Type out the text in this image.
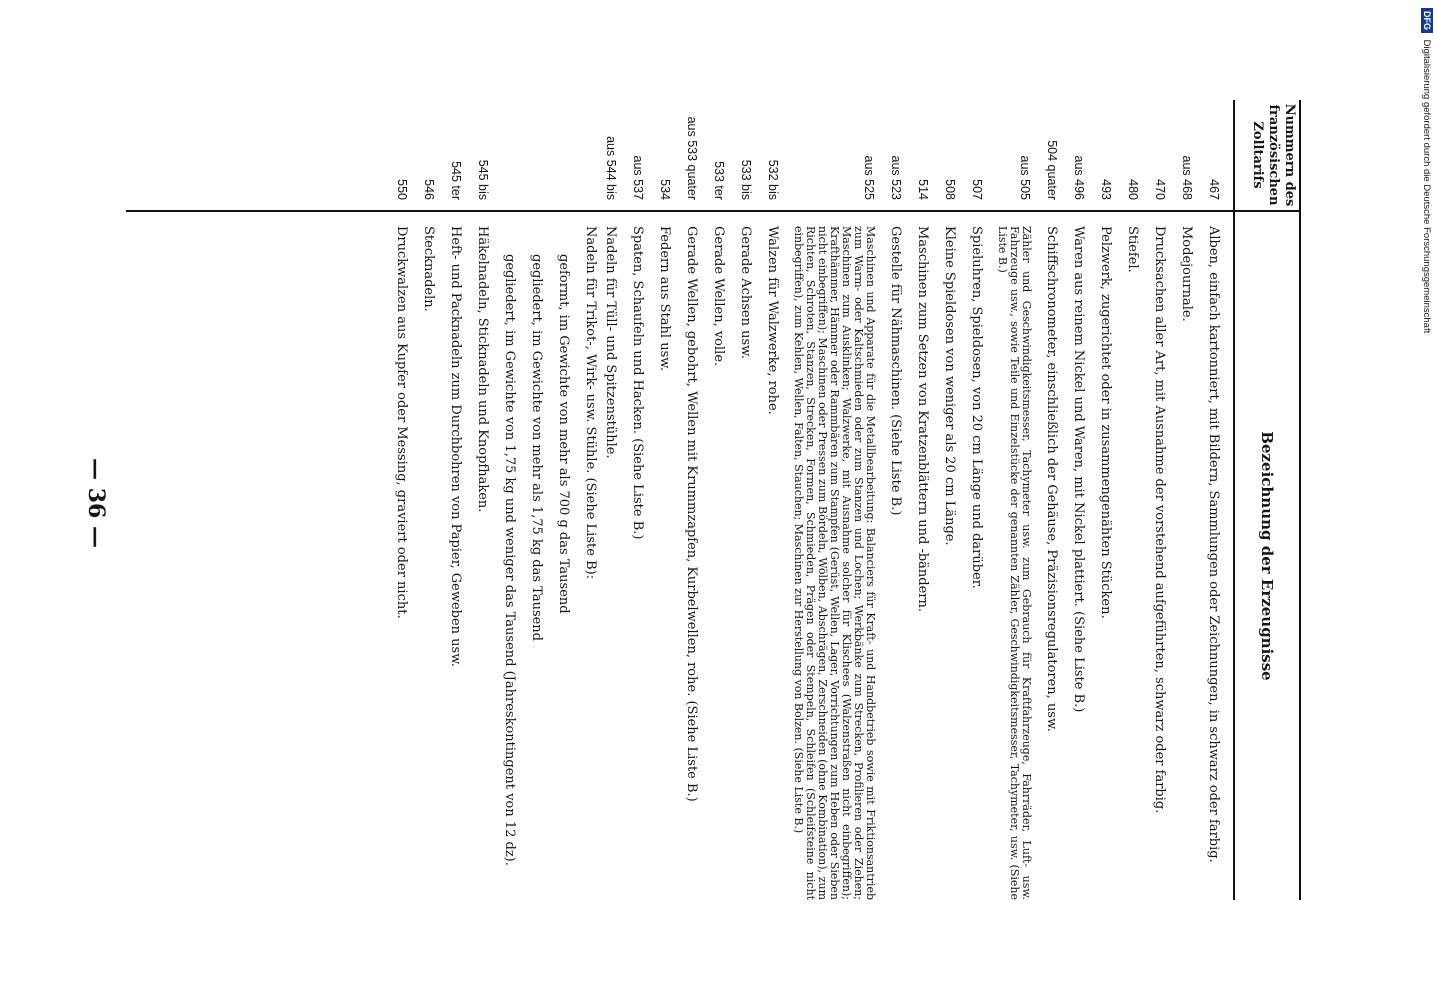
— 36 —
DFG Digitalisierung gefördert durch die Deutsche Forschungsgemeinschaft
Nummern des
französischen
Zolltarifs
Bezeichnung der Erzeugnisse
467
Alben, einfach kartonniert, mit Bildern, Sammlungen oder Zeichnungen, in schwarz oder farbig.
aus 468
Modejournale.
470
Drucksachen aller Art, mit Ausnahme der vorstehend aufgeführten, schwarz oder farbig.
480
Stiefel.
493
Pelzwerk, zugerichtet oder in zusammengenähten Stücken.
aus 496
Waren aus reinem Nickel und Waren, mit Nickel plattiert. (Siehe Liste B.)
504 quater
Schiffschronometer, einschließlich der Gehäuse, Präzisionsregulatoren, usw.
aus 505
Zähler und Geschwindigkeitsmesser, Tachymeter usw. zum Gebrauch für Kraftfahrzeuge, Fahrräder, Luft- usw. Fahrzeuge usw., sowie Teile und Einzelstücke der genannten Zähler, Geschwindigkeitsmesser, Tachymeter, usw. (Siehe Liste B.)
507
Spieluhren, Spieldosen, von 20 cm Länge und darüber.
508
Kleine Spieldosen von weniger als 20 cm Länge.
514
Maschinen zum Setzen von Kratzenblättern und -bändern.
aus 523
Gestelle für Nähmaschinen. (Siehe Liste B.)
aus 525
Maschinen und Apparate für die Metallbearbeitung: Balanciers für Kraft- und Handbetrieb sowie mit Friktionsantrieb zum Warm- oder Kaltschmieden oder zum Stanzen und Lochen; Werkbänke zum Strecken, Profilieren oder Ziehen; Maschinen zum Ausklinken; Walzwerke, mit Ausnahme solcher für Klischees (Walzenstraßen nicht einbegriffen); Krafthämmer, Hämmer oder Rammbären zum Stampfen (Gerüst, Wellen, Lager, Vorrichtungen zum Heben oder Sieben nicht einbegriffen); Maschinen oder Pressen zum Bördeln, Wölben, Abschrägen, Zerschneiden (ohne Kombination), zum Richten, Schroten, Stanzen, Strecken, Formen, Schmieden, Prägen oder Stempeln, Schleifen (Schleifsteine nicht einbegriffen), zum Kehlen, Wellen, Falten, Stauchen; Maschinen zur Herstellung von Bolzen. (Siehe Liste B.)
532 bis
Walzen für Walzwerke, rohe.
533 bis
Gerade Achsen usw.
533 ter
Gerade Wellen, volle.
aus 533 quater
Gerade Wellen, gebohrt, Wellen mit Krummzapfen, Kurbelwellen, rohe. (Siehe Liste B.)
534
Federn aus Stahl usw.
aus 537
Spaten, Schaufeln und Hacken. (Siehe Liste B.)
aus 544 bis
Nadeln für Tüll- und Spitzenstühle.
Nadeln für Trikot-, Wirk- usw. Stühle. (Siehe Liste B):
geformt, im Gewichte von mehr als 700 g das Tausend
gegliedert, im Gewichte von mehr als 1,75 kg das Tausend
gegliedert, im Gewichte von 1,75 kg und weniger das Tausend (Jahreskontingent von 12 dz).
545 bis
Häkelnadeln, Sticknadeln und Knopfhaken.
545 ter
Heft- und Packnadeln zum Durchbohren von Papier, Geweben usw.
546
Stecknadeln.
550
Druckwalzen aus Kupfer oder Messing, graviert oder nicht.
